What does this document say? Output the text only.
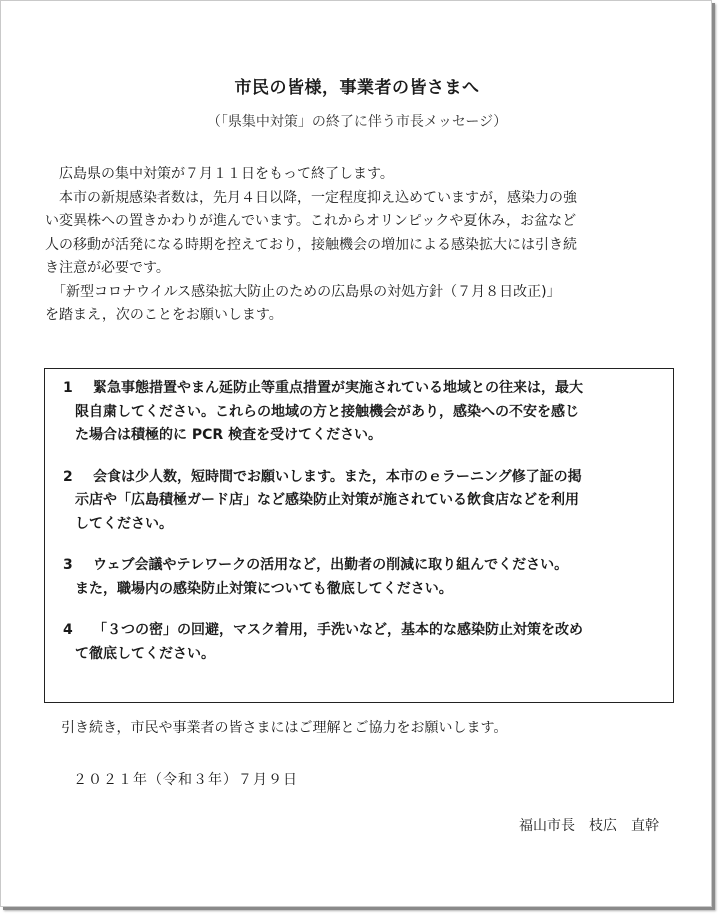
市民の皆様，事業者の皆さまへ
（「県集中対策」の終了に伴う市長メッセージ）

　広島県の集中対策が７月１１日をもって終了します。

　本市の新規感染者数は，先月４日以降，一定程度抑え込めていますが，感染力の強
い変異株への置きかわりが進んでいます。これからオリンピックや夏休み，お盆など
人の移動が活発になる時期を控えており，接触機会の増加による感染拡大には引き続
き注意が必要です。

　「新型コロナウイルス感染拡大防止のための広島県の対処方針（７月８日改正)」
を踏まえ，次のことをお願いします。

1 緊急事態措置やまん延防止等重点措置が実施されている地域との往来は，最大
限自粛してください。これらの地域の方と接触機会があり，感染への不安を感じ
た場合は積極的に PCR 検査を受けてください。
2 会食は少人数，短時間でお願いします。また，本市のｅラーニング修了証の掲
示店や「広島積極ガード店」など感染防止対策が施されている飲食店などを利用
してください。
3 ウェブ会議やテレワークの活用など，出勤者の削減に取り組んでください。
また，職場内の感染防止対策についても徹底してください。
4 「３つの密」の回避，マスク着用，手洗いなど，基本的な感染防止対策を改め
て徹底してください。
引き続き，市民や事業者の皆さまにはご理解とご協力をお願いします。
２０２１年（令和３年）７月９日
福山市長　枝広　直幹
